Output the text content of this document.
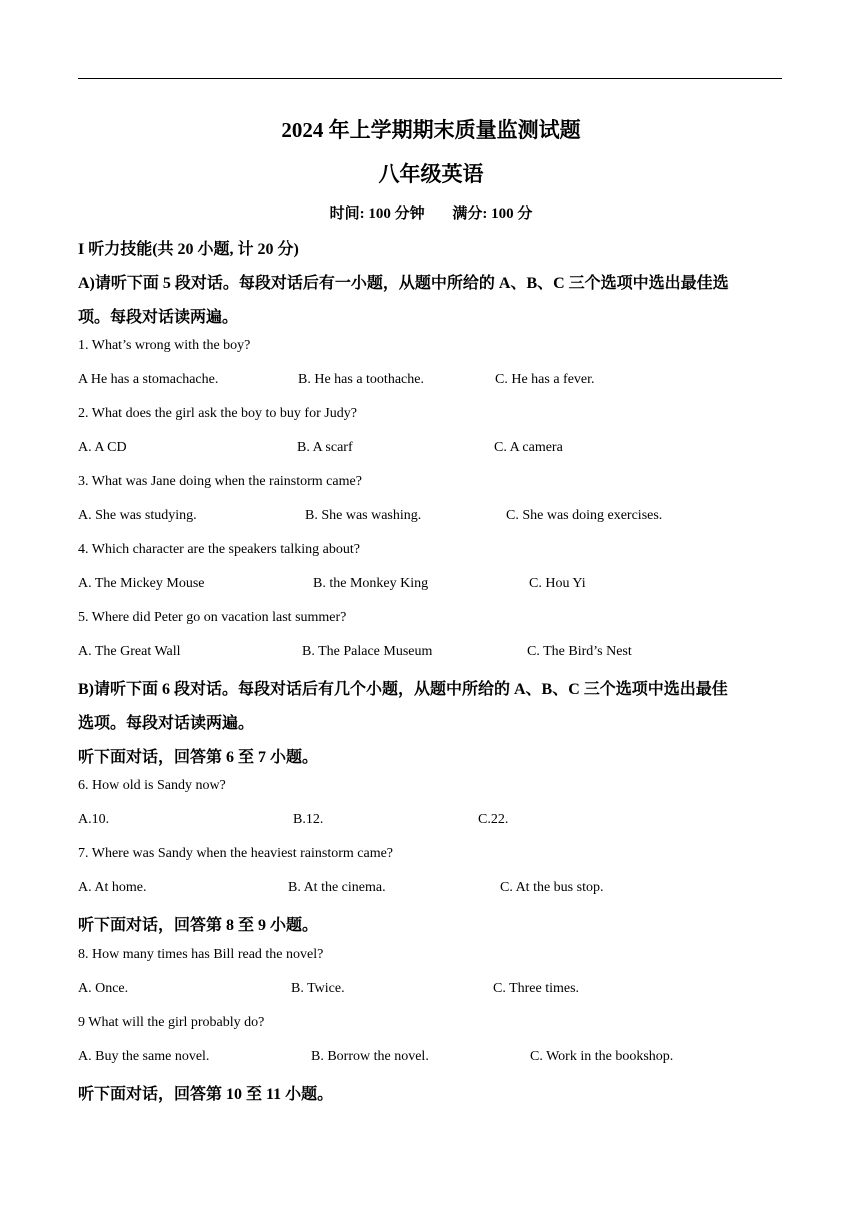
2024 年上学期期末质量监测试题
八年级英语
时间: 100 分钟 满分: 100 分
I 听力技能(共 20 小题, 计 20 分)
A)请听下面 5 段对话。每段对话后有一小题，从题中所给的 A、B、C 三个选项中选出最佳选
项。每段对话读两遍。
1. What’s wrong with the boy?
A He has a stomachache.	B. He has a toothache.	C. He has a fever.
2. What does the girl ask the boy to buy for Judy?
A. A CD	B. A scarf	C. A camera
3. What was Jane doing when the rainstorm came?
A. She was studying.	B. She was washing.	C. She was doing exercises.
4. Which character are the speakers talking about?
A. The Mickey Mouse	B. the Monkey King	C. Hou Yi
5. Where did Peter go on vacation last summer?
A. The Great Wall	B. The Palace Museum	C. The Bird’s Nest
B)请听下面 6 段对话。每段对话后有几个小题，从题中所给的 A、B、C 三个选项中选出最佳
选项。每段对话读两遍。
听下面对话，回答第 6 至 7 小题。
6. How old is Sandy now?
A.10.	B.12.	C.22.
7. Where was Sandy when the heaviest rainstorm came?
A. At home.	B. At the cinema.	C. At the bus stop.
听下面对话，回答第 8 至 9 小题。
8. How many times has Bill read the novel?
A. Once.	B. Twice.	C. Three times.
9 What will the girl probably do?
A. Buy the same novel.	B. Borrow the novel.	C. Work in the bookshop.
听下面对话，回答第 10 至 11 小题。
